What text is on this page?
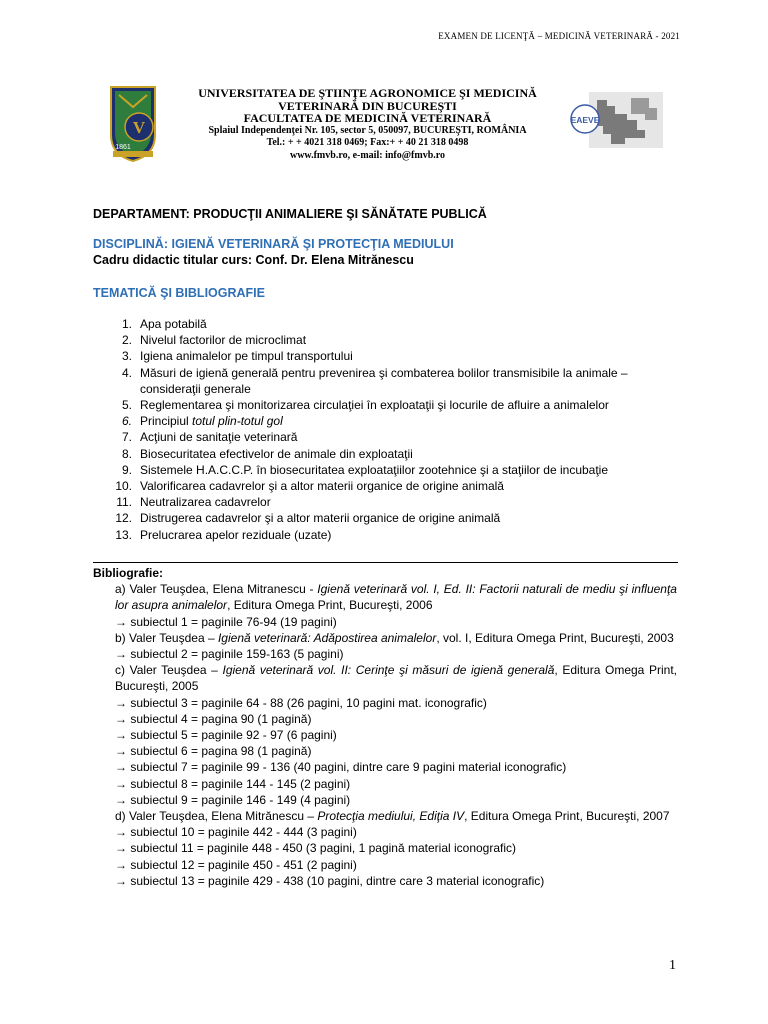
EXAMEN DE LICENŢĂ – MEDICINĂ VETERINARĂ - 2021
V
1861
EAEVE
UNIVERSITATEA DE ŞTIINŢE AGRONOMICE ŞI MEDICINĂ
VETERINARĂ DIN BUCUREŞTI
FACULTATEA DE MEDICINĂ VETERINARĂ
Splaiul Independenţei Nr. 105, sector 5, 050097, BUCUREŞTI, ROMÂNIA
Tel.: + + 4021 318 0469; Fax:+ + 40 21 318 0498
www.fmvb.ro, e-mail: info@fmvb.ro
DEPARTAMENT: PRODUCŢII ANIMALIERE ŞI SĂNĂTATE PUBLICĂ
DISCIPLINĂ: IGIENĂ VETERINARĂ ŞI PROTECŢIA MEDIULUI
Cadru didactic titular curs: Conf. Dr. Elena Mitrănescu
TEMATICĂ ŞI BIBLIOGRAFIE
1. Apa potabilă
2. Nivelul factorilor de microclimat
3. Igiena animalelor pe timpul transportului
4. Măsuri de igienă generală pentru prevenirea şi combaterea bolilor transmisibile la animale – consideraţii generale
5. Reglementarea şi monitorizarea circulaţiei în exploataţii şi locurile de afluire a animalelor
6. Principiul totul plin-totul gol
7. Acţiuni de sanitaţie veterinară
8. Biosecuritatea efectivelor de animale din exploataţii
9. Sistemele H.A.C.C.P. în biosecuritatea exploataţiilor zootehnice şi a staţiilor de incubaţie
10. Valorificarea cadavrelor şi a altor materii organice de origine animală
11. Neutralizarea cadavrelor
12. Distrugerea cadavrelor şi a altor materii organice de origine animală
13. Prelucrarea apelor reziduale (uzate)
Bibliografie:
a) Valer Teuşdea, Elena Mitranescu - Igienă veterinară vol. I, Ed. II: Factorii naturali de mediu şi influenţa lor asupra animalelor, Editura Omega Print, Bucureşti, 2006
→ subiectul 1 = paginile 76-94 (19 pagini)
b) Valer Teuşdea – Igienă veterinară: Adăpostirea animalelor, vol. I, Editura Omega Print, Bucureşti, 2003
→ subiectul 2 = paginile 159-163 (5 pagini)
c) Valer Teuşdea – Igienă veterinară vol. II: Cerinţe şi măsuri de igienă generală, Editura Omega Print, Bucureşti, 2005
→ subiectul 3 = paginile 64 - 88 (26 pagini, 10 pagini mat. iconografic)
→ subiectul 4 = pagina 90 (1 pagină)
→ subiectul 5 = paginile 92 - 97 (6 pagini)
→ subiectul 6 = pagina 98 (1 pagină)
→ subiectul 7 = paginile 99 - 136 (40 pagini, dintre care 9 pagini material iconografic)
→ subiectul 8 = paginile 144 - 145 (2 pagini)
→ subiectul 9 = paginile 146 - 149 (4 pagini)
d) Valer Teuşdea, Elena Mitrănescu – Protecţia mediului, Ediţia IV, Editura Omega Print, Bucureşti, 2007
→ subiectul 10 = paginile 442 - 444 (3 pagini)
→ subiectul 11 = paginile 448 - 450 (3 pagini, 1 pagină material iconografic)
→ subiectul 12 = paginile 450 - 451 (2 pagini)
→ subiectul 13 = paginile 429 - 438 (10 pagini, dintre care 3 material iconografic)
1
